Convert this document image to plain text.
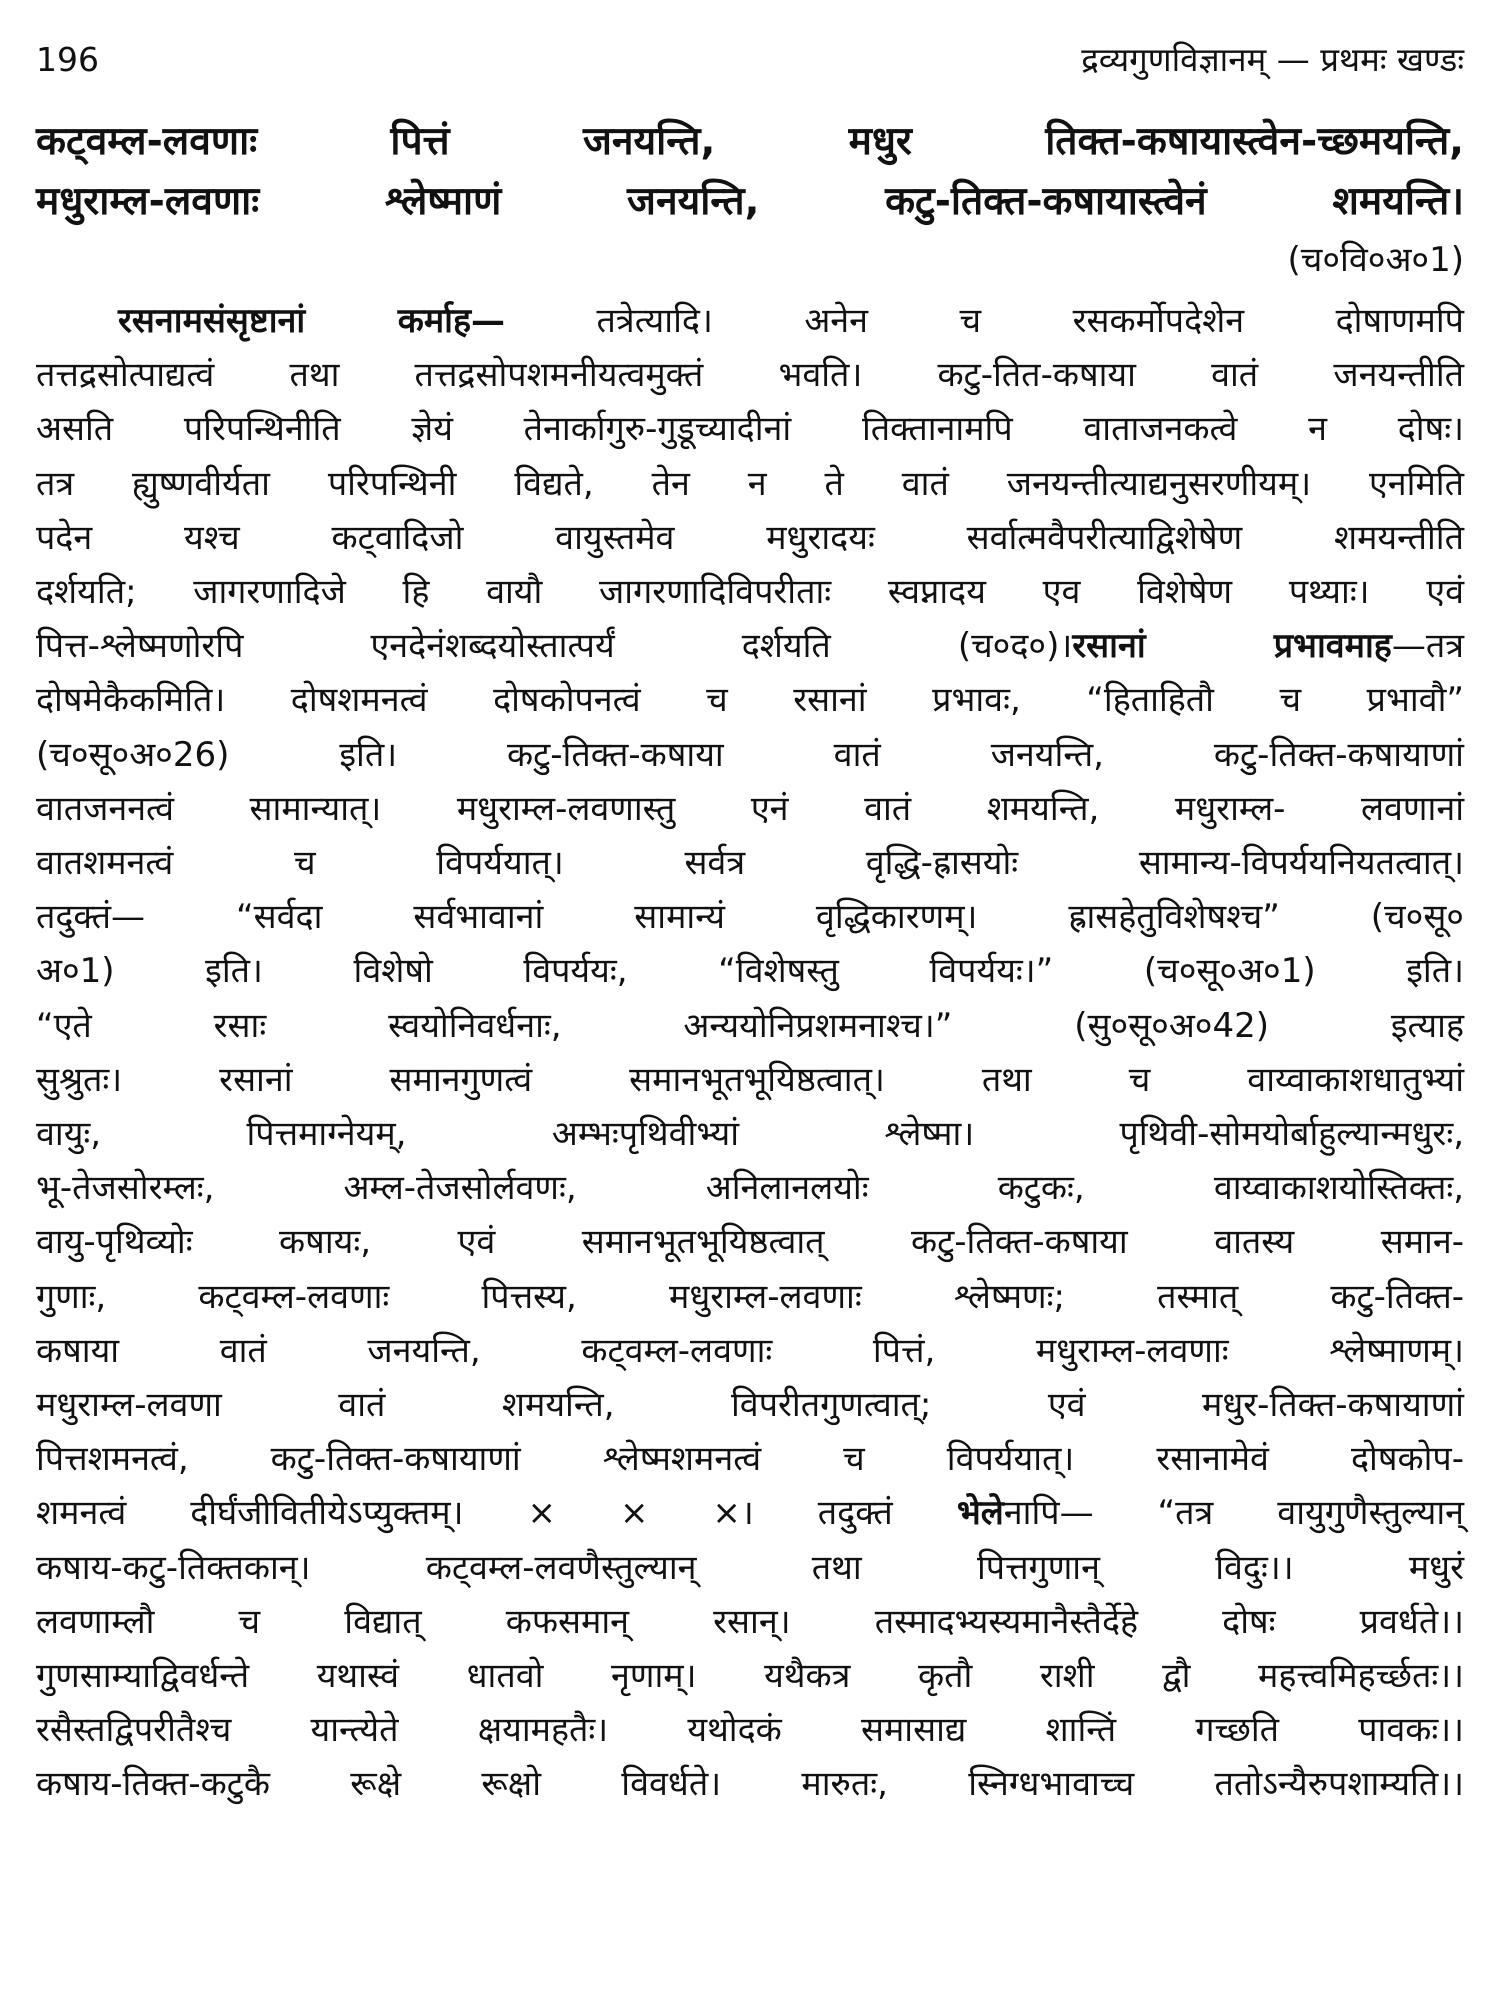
196	द्रव्यगुणविज्ञानम् — प्रथमः खण्डः
कट्वम्ल-लवणाः पित्तं जनयन्ति, मधुर तिक्त-कषायास्त्वेन-च्छमयन्ति,
मधुराम्ल-लवणाः श्लेष्माणं जनयन्ति, कटु-तिक्त-कषायास्त्वेनं शमयन्ति।
(च०वि०अ०1)
रसनामसंसृष्टानां कर्माह— तत्रेत्यादि। अनेन च रसकर्मोपदेशेन दोषाणमपि
तत्तद्रसोत्पाद्यत्वं तथा तत्तद्रसोपशमनीयत्वमुक्तं भवति। कटु-तित-कषाया वातं जनयन्तीति
असति परिपन्थिनीति ज्ञेयं तेनार्कागुरु-गुडूच्यादीनां तिक्तानामपि वाताजनकत्वे न दोषः।
तत्र ह्युष्णवीर्यता परिपन्थिनी विद्यते, तेन न ते वातं जनयन्तीत्याद्यनुसरणीयम्। एनमिति
पदेन यश्च कट्वादिजो वायुस्तमेव मधुरादयः सर्वात्मवैपरीत्याद्विशेषेण शमयन्तीति
दर्शयति; जागरणादिजे हि वायौ जागरणादिविपरीताः स्वप्नादय एव विशेषेण पथ्याः। एवं
पित्त-श्लेष्मणोरपि एनदेनंशब्दयोस्तात्पर्यं दर्शयति (च०द०)।रसानां प्रभावमाह—तत्र
दोषमेकैकमिति। दोषशमनत्वं दोषकोपनत्वं च रसानां प्रभावः, “हिताहितौ च प्रभावौ”
(च०सू०अ०26) इति। कटु-तिक्त-कषाया वातं जनयन्ति, कटु-तिक्त-कषायाणां
वातजननत्वं सामान्यात्। मधुराम्ल-लवणास्तु एनं वातं शमयन्ति, मधुराम्ल- लवणानां
वातशमनत्वं च विपर्ययात्। सर्वत्र वृद्धि-ह्रासयोः सामान्य-विपर्ययनियतत्वात्।
तदुक्तं— “सर्वदा सर्वभावानां सामान्यं वृद्धिकारणम्। ह्रासहेतुविशेषश्च” (च०सू०
अ०1) इति। विशेषो विपर्ययः, “विशेषस्तु विपर्ययः।” (च०सू०अ०1) इति।
“एते रसाः स्वयोनिवर्धनाः, अन्ययोनिप्रशमनाश्च।” (सु०सू०अ०42) इत्याह
सुश्रुतः। रसानां समानगुणत्वं समानभूतभूयिष्ठत्वात्। तथा च वाय्वाकाशधातुभ्यां
वायुः, पित्तमाग्नेयम्, अम्भःपृथिवीभ्यां श्लेष्मा। पृथिवी-सोमयोर्बाहुल्यान्मधुरः,
भू-तेजसोरम्लः, अम्ल-तेजसोर्लवणः, अनिलानलयोः कटुकः, वाय्वाकाशयोस्तिक्तः,
वायु-पृथिव्योः कषायः, एवं समानभूतभूयिष्ठत्वात् कटु-तिक्त-कषाया वातस्य समान-
गुणाः, कट्वम्ल-लवणाः पित्तस्य, मधुराम्ल-लवणाः श्लेष्मणः; तस्मात् कटु-तिक्त-
कषाया वातं जनयन्ति, कट्वम्ल-लवणाः पित्तं, मधुराम्ल-लवणाः श्लेष्माणम्।
मधुराम्ल-लवणा वातं शमयन्ति, विपरीतगुणत्वात्; एवं मधुर-तिक्त-कषायाणां
पित्तशमनत्वं, कटु-तिक्त-कषायाणां श्लेष्मशमनत्वं च विपर्ययात्। रसानामेवं दोषकोप-
शमनत्वं दीर्घंजीवितीयेऽप्युक्तम्। × × ×। तदुक्तं भेलेनापि— “तत्र वायुगुणैस्तुल्यान्
कषाय-कटु-तिक्तकान्। कट्वम्ल-लवणैस्तुल्यान् तथा पित्तगुणान् विदुः।। मधुरं
लवणाम्लौ च विद्यात् कफसमान् रसान्। तस्मादभ्यस्यमानैस्तैर्देहे दोषः प्रवर्धते।।
गुणसाम्याद्विवर्धन्ते यथास्वं धातवो नृणाम्। यथैकत्र कृतौ राशी द्वौ महत्त्वमिहर्च्छतः।।
रसैस्तद्विपरीतैश्च यान्त्येते क्षयामहतैः। यथोदकं समासाद्य शान्तिं गच्छति पावकः।।
कषाय-तिक्त-कटुकै रूक्षे रूक्षो विवर्धते। मारुतः, स्निग्धभावाच्च ततोऽन्यैरुपशाम्यति।।
